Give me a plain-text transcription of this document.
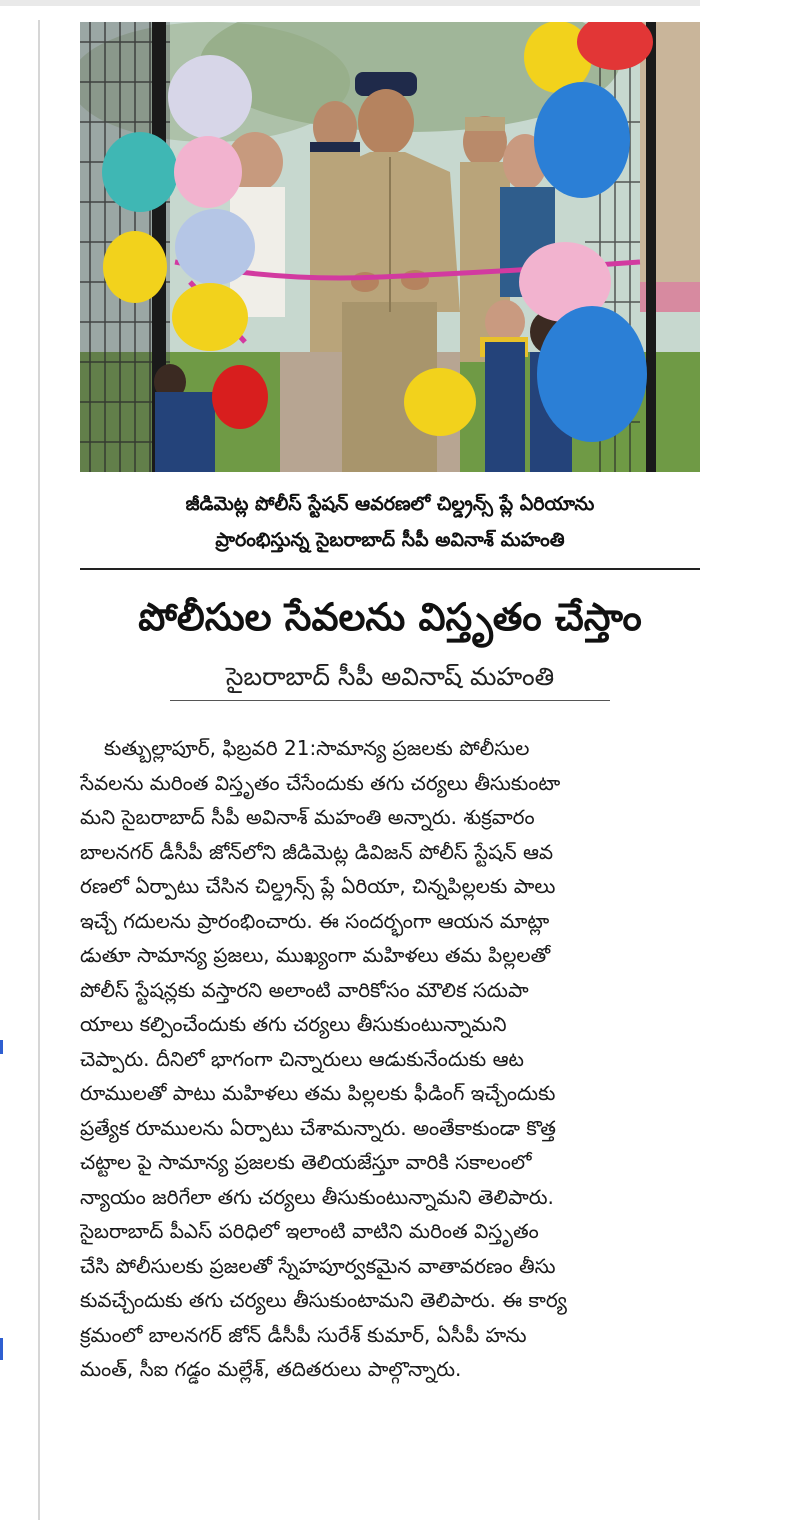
జీడిమెట్ల పోలీస్ స్టేషన్ ఆవరణలో చిల్డ్రన్స్ ప్లే ఏరియాను
ప్రారంభిస్తున్న సైబరాబాద్ సీపీ అవినాశ్ మహంతి
పోలీసుల సేవలను విస్తృతం చేస్తాం
సైబరాబాద్ సీపీ అవినాష్ మహంతి
కుత్బుల్లాపూర్, ఫిబ్రవరి 21:సామాన్య ప్రజలకు పోలీసుల
సేవలను మరింత విస్తృతం చేసేందుకు తగు చర్యలు తీసుకుంటా
మని సైబరాబాద్ సీపీ అవినాశ్ మహంతి అన్నారు. శుక్రవారం
బాలనగర్ డీసీపీ జోన్‌లోని జీడిమెట్ల డివిజన్ పోలీస్ స్టేషన్ ఆవ
రణలో ఏర్పాటు చేసిన చిల్డ్రన్స్ ప్లే ఏరియా, చిన్నపిల్లలకు పాలు
ఇచ్చే గదులను ప్రారంభించారు. ఈ సందర్భంగా ఆయన మాట్లా
డుతూ సామాన్య ప్రజలు, ముఖ్యంగా మహిళలు తమ పిల్లలతో
పోలీస్ స్టేషన్లకు వస్తారని అలాంటి వారికోసం మౌలిక సదుపా
యాలు కల్పించేందుకు తగు చర్యలు తీసుకుంటున్నామని
చెప్పారు. దీనిలో భాగంగా చిన్నారులు ఆడుకునేందుకు ఆట
రూములతో పాటు మహిళలు తమ పిల్లలకు ఫీడింగ్ ఇచ్చేందుకు
ప్రత్యేక రూములను ఏర్పాటు చేశామన్నారు. అంతేకాకుండా కొత్త
చట్టాల పై సామాన్య ప్రజలకు తెలియజేస్తూ వారికి సకాలంలో
న్యాయం జరిగేలా తగు చర్యలు తీసుకుంటున్నామని తెలిపారు.
సైబరాబాద్ పీఎస్ పరిధిలో ఇలాంటి వాటిని మరింత విస్తృతం
చేసి పోలీసులకు ప్రజలతో స్నేహపూర్వకమైన వాతావరణం తీసు
కువచ్చేందుకు తగు చర్యలు తీసుకుంటామని తెలిపారు. ఈ కార్య
క్రమంలో బాలనగర్ జోన్ డీసీపీ సురేశ్ కుమార్, ఏసీపీ హను
మంత్, సీఐ గడ్డం మల్లేశ్, తదితరులు పాల్గొన్నారు.
